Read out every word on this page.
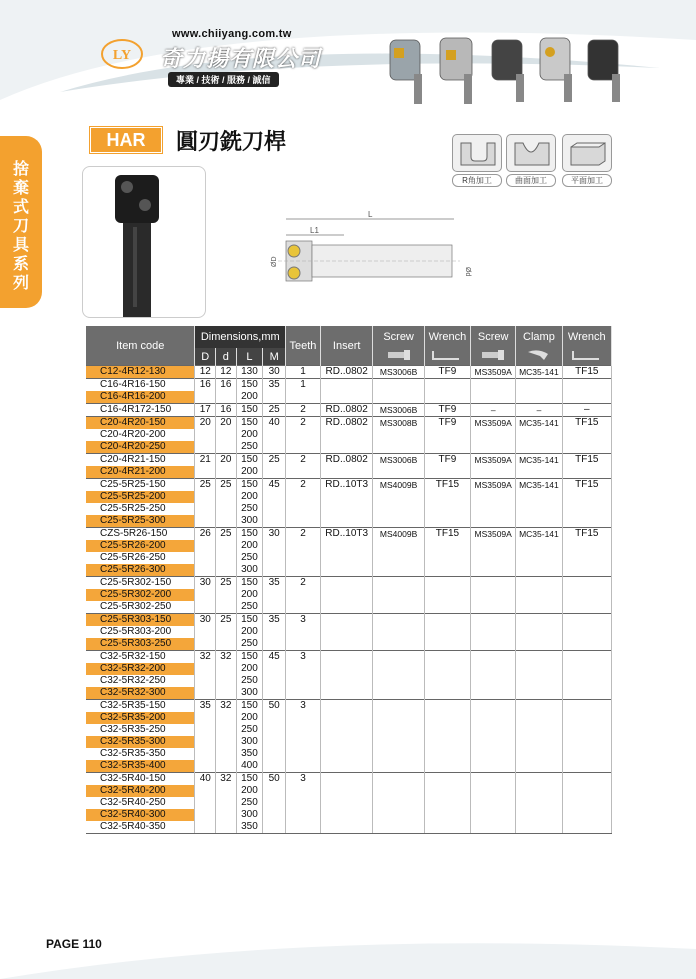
www.chiiyang.com.tw
LY 奇力揚有限公司
專業 / 技術 / 服務 / 誠信
捨棄式刀具系列
HAR	圓刃銑刀桿
R角加工	曲面加工	平面加工
L
L1
ØD
Ød
Item code	Dimensions,mm				Teeth	Insert	Screw	Wrench	Screw	Clamp	Wrench
	D	d	L	M					
C12-4R12-130	12	12	130	30	1	RD..0802	MS3006B	TF9	MS3509A	MC35-141	TF15
C16-4R16-150	16	16	150	35	1						
C16-4R16-200			200								
C16-4R172-150	17	16	150	25	2	RD..0802	MS3006B	TF9	–	–	–
C20-4R20-150	20	20	150	40	2	RD..0802	MS3008B	TF9	MS3509A	MC35-141	TF15
C20-4R20-200			200								
C20-4R20-250			250								
C20-4R21-150	21	20	150	25	2	RD..0802	MS3006B	TF9	MS3509A	MC35-141	TF15
C20-4R21-200			200								
C25-5R25-150	25	25	150	45	2	RD..10T3	MS4009B	TF15	MS3509A	MC35-141	TF15
C25-5R25-200			200								
C25-5R25-250			250								
C25-5R25-300			300								
CZS-5R26-150	26	25	150	30	2	RD..10T3	MS4009B	TF15	MS3509A	MC35-141	TF15
C25-5R26-200			200								
C25-5R26-250			250								
C25-5R26-300			300								
C25-5R302-150	30	25	150	35	2						
C25-5R302-200			200								
C25-5R302-250			250								
C25-5R303-150	30	25	150	35	3						
C25-5R303-200			200								
C25-5R303-250			250								
C32-5R32-150	32	32	150	45	3						
C32-5R32-200			200								
C32-5R32-250			250								
C32-5R32-300			300								
C32-5R35-150	35	32	150	50	3						
C32-5R35-200			200								
C32-5R35-250			250								
C32-5R35-300			300								
C32-5R35-350			350								
C32-5R35-400			400								
C32-5R40-150	40	32	150	50	3						
C32-5R40-200			200								
C32-5R40-250			250								
C32-5R40-300			300								
C32-5R40-350			350								
PAGE 110
